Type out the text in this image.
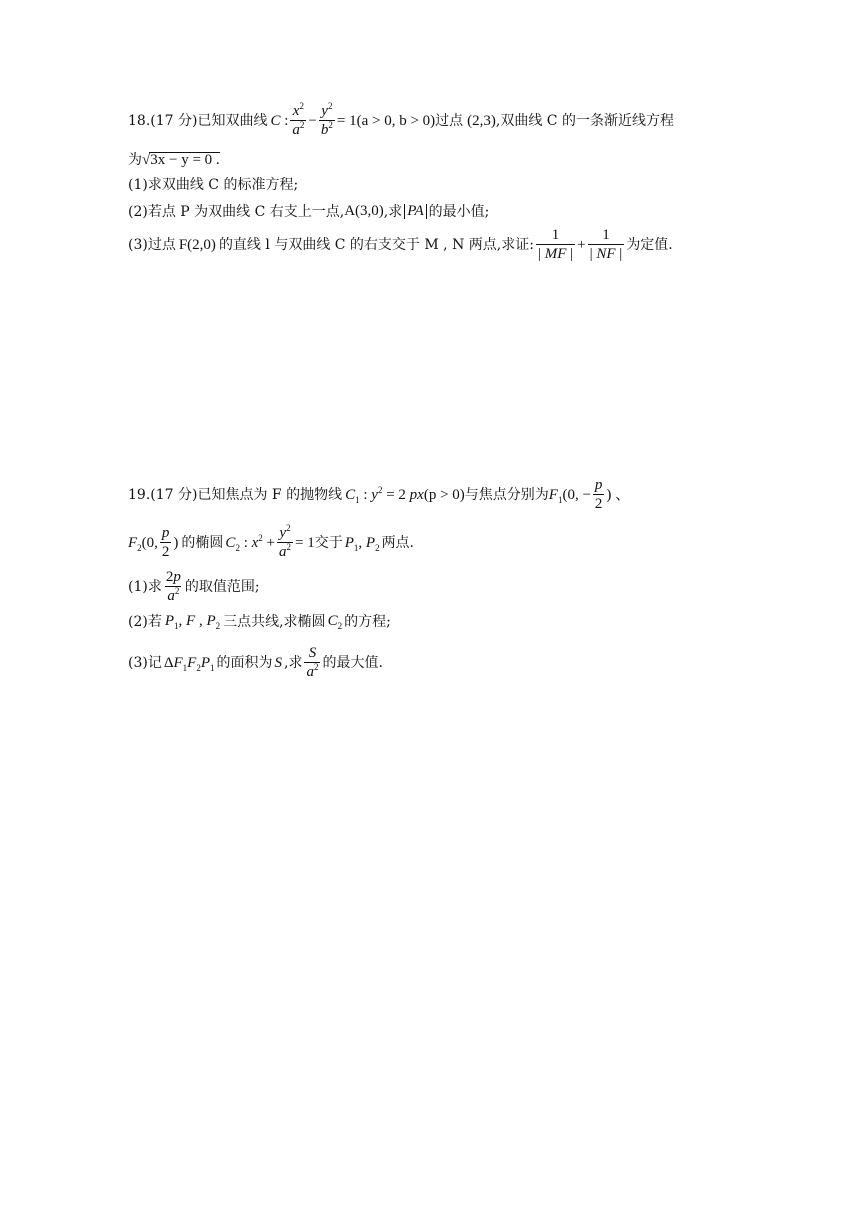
18.(17 分)已知双曲线 C : $\frac{x^2}{a^2} - \frac{y^2}{b^2} = 1$ (a > 0, b > 0) 过点 (2,3) ,双曲线 C 的一条渐近线方程
为 √ 3x − y = 0 .
(1)求双曲线 C 的标准方程;
(2)若点 P 为双曲线 C 右支上一点, A(3,0) ,求 PA 的最小值;
(3)过点 F(2,0) 的直线 l 与双曲线 C 的右支交于 M , N 两点,求证: $\frac{1}{| MF |} + \frac{1}{| NF |}$ 为定值.
19.(17 分)已知焦点为 F 的抛物线 $C_1$ : $y^2 = 2$ px (p > 0) 与焦点分别为 $F_1$ (0, − $\frac{p}{2}$ ) 、
$F_2$ (0, $\frac{p}{2}$ ) 的椭圆 $C_2$ : $x^2 + \frac{y^2}{a^2} = 1$ 交于 $P_1$, $P_2$ 两点.
(1)求 $\frac{2p}{a^2}$ 的取值范围;
(2)若 $P_1$, F , $P_2$ 三点共线,求椭圆 $C_2$ 的方程;
(3)记 $\Delta F_1F_2P_1$ 的面积为 S ,求 $\frac{S}{a^2}$ 的最大值.
